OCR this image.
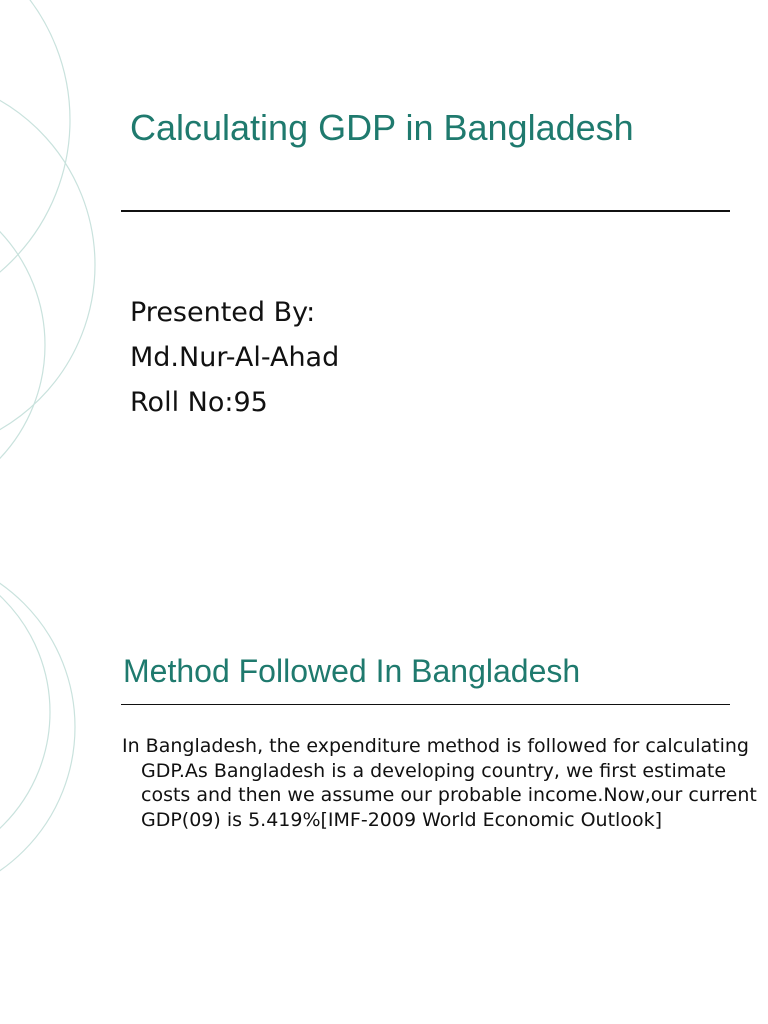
Calculating GDP in Bangladesh
Presented By:
Md.Nur-Al-Ahad
Roll No:95
Method Followed In Bangladesh

In Bangladesh, the expenditure method is followed for calculating GDP.As Bangladesh is a developing country, we first estimate costs and then we assume our probable income.Now,our current GDP(09) is 5.419%[IMF-2009 World Economic Outlook]
